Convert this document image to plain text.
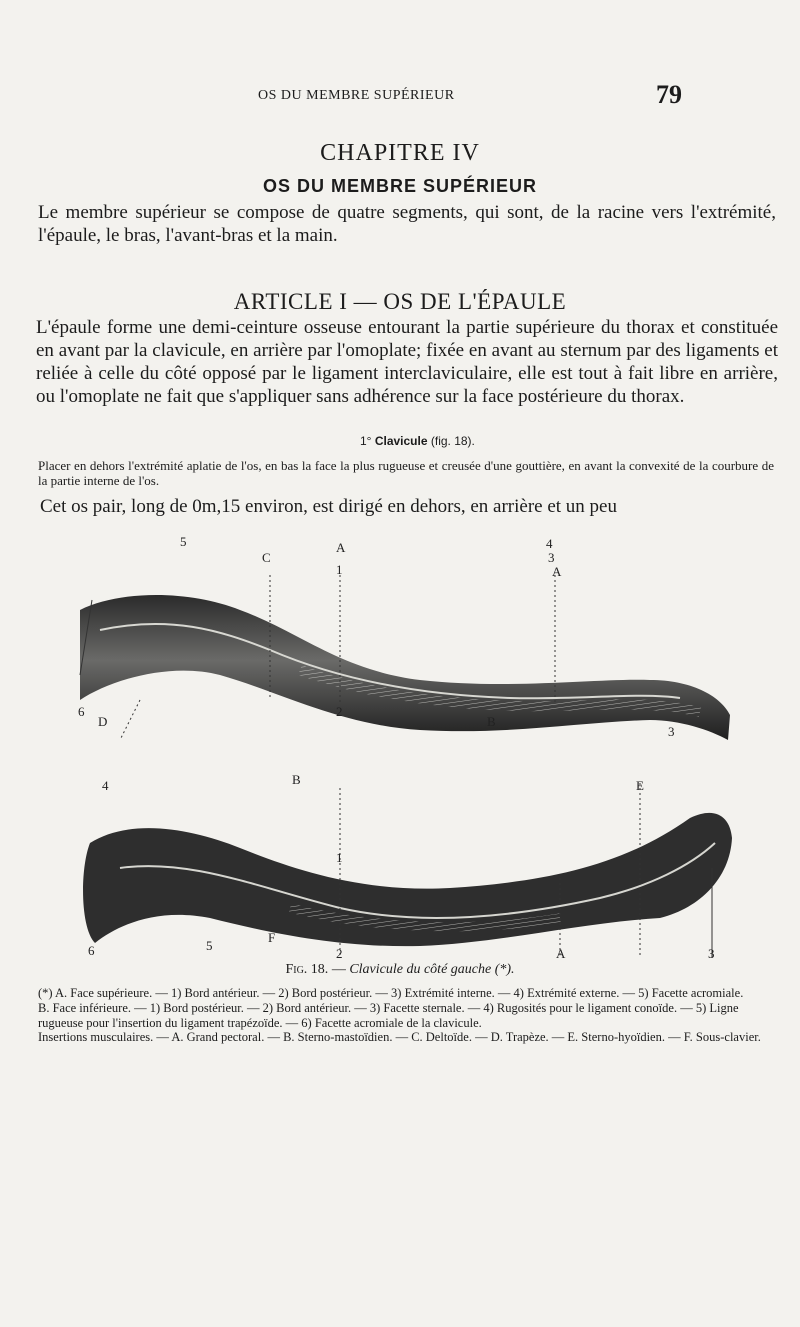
OS DU MEMBRE SUPÉRIEUR	79
CHAPITRE IV
OS DU MEMBRE SUPÉRIEUR
Le membre supérieur se compose de quatre segments, qui sont, de la racine vers l'extrémité, l'épaule, le bras, l'avant-bras et la main.
ARTICLE I — OS DE L'ÉPAULE
L'épaule forme une demi-ceinture osseuse entourant la partie supérieure du thorax et constituée en avant par la clavicule, en arrière par l'omoplate; fixée en avant au sternum par des ligaments et reliée à celle du côté opposé par le ligament interclaviculaire, elle est tout à fait libre en arrière, ou l'omoplate ne fait que s'appliquer sans adhérence sur la face postérieure du thorax.
1° Clavicule (fig. 18).
Placer en dehors l'extrémité aplatie de l'os, en bas la face la plus rugueuse et creusée d'une gouttière, en avant la convexité de la courbure de la partie interne de l'os.
Cet os pair, long de 0m,15 environ, est dirigé en dehors, en arrière et un peu
5
C
A
1
4
3
A
2
B
D
3
6
B	E
4
1
6	5
F
2	A	3
Fig. 18. — Clavicule du côté gauche (*).
(*) A. Face supérieure. — 1) Bord antérieur. — 2) Bord postérieur. — 3) Extrémité interne. — 4) Extrémité externe. — 5) Facette acromiale.
B. Face inférieure. — 1) Bord postérieur. — 2) Bord antérieur. — 3) Facette sternale. — 4) Rugosités pour le ligament conoïde. — 5) Ligne rugueuse pour l'insertion du ligament trapézoïde. — 6) Facette acromiale de la clavicule.
Insertions musculaires. — A. Grand pectoral. — B. Sterno-mastoïdien. — C. Deltoïde. — D. Trapèze. — E. Sterno-hyoïdien. — F. Sous-clavier.
